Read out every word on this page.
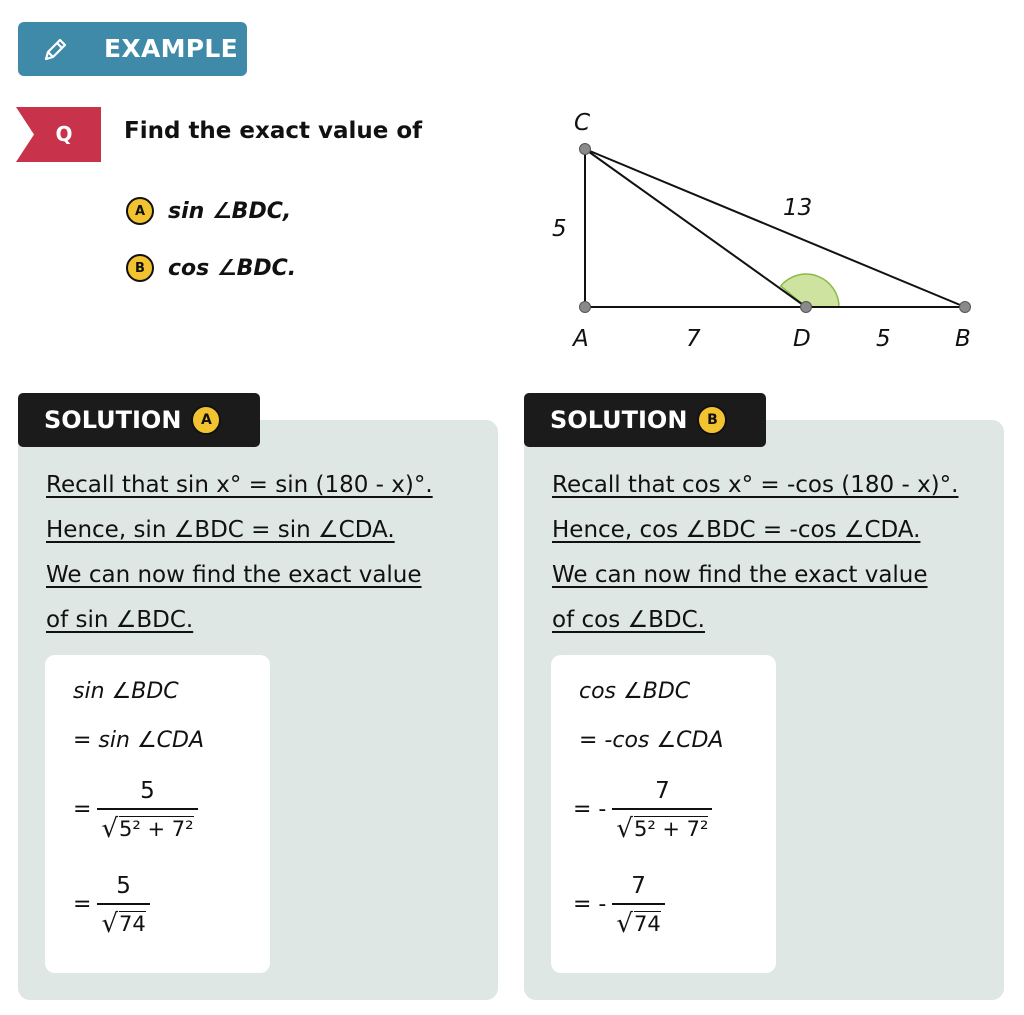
EXAMPLE
Q Find the exact value of
A	sin ∠BDC,
B	cos ∠BDC.
C
A	D	B
5
13
7	5
SOLUTION	A

Recall that sin x° = sin (180 - x)°.

Hence, sin ∠BDC = sin ∠CDA.

We can now find the exact value

of sin ∠BDC.

sin ∠BDC
= sin ∠CDA
= $\frac{5}{\text{√ 5² + 7²}}$
= $\frac{5}{√ 74}$
SOLUTION	B

Recall that cos x° = -cos (180 - x)°.

Hence, cos ∠BDC = -cos ∠CDA.

We can now find the exact value

of cos ∠BDC.

cos ∠BDC
= -cos ∠CDA
= - $\frac{7}{\text{√ 5² + 7²}}$
= - $\frac{7}{√ 74}$
